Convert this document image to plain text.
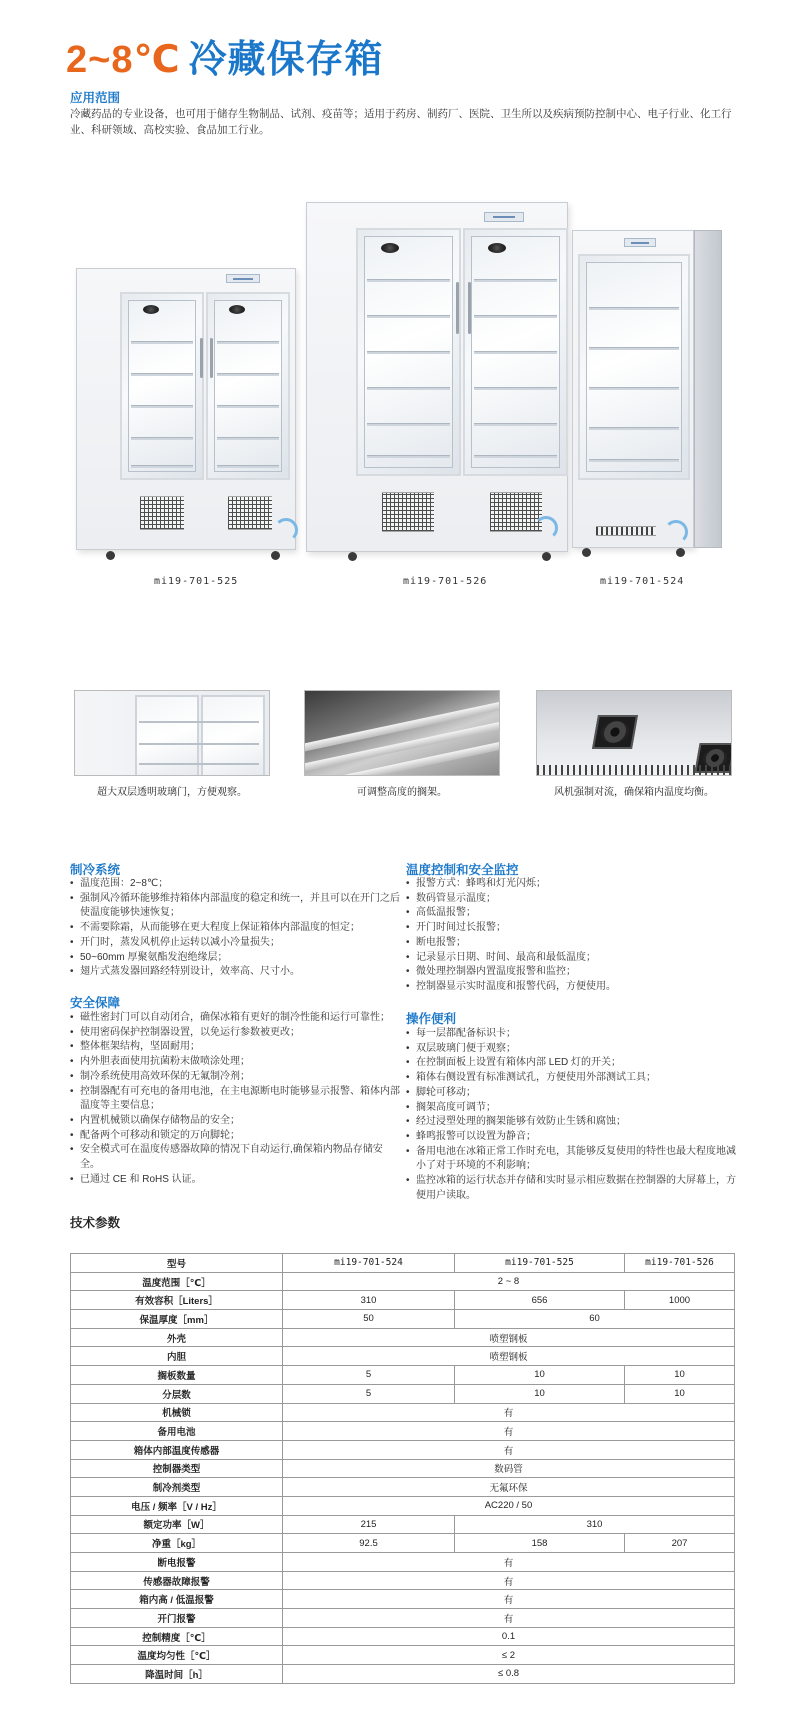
2~8℃ 冷藏保存箱
应用范围
冷藏药品的专业设备，也可用于储存生物制品、试剂、疫苗等；适用于药房、制药厂、医院、卫生所以及疾病预防控制中心、电子行业、化工行业、科研领域、高校实验、食品加工行业。
mi19-701-525	mi19-701-526	mi19-701-524
超大双层透明玻璃门，方便观察。	可调整高度的搁架。	风机强制对流，确保箱内温度均衡。
制冷系统
• 温度范围：2~8℃；
• 强制风冷循环能够维持箱体内部温度的稳定和统一，并且可以在开门之后使温度能够快速恢复；
• 不需要除霜，从而能够在更大程度上保证箱体内部温度的恒定；
• 开门时，蒸发风机停止运转以减小冷量损失；
• 50~60mm 厚聚氨酯发泡绝缘层；
• 翅片式蒸发器回路经特别设计，效率高、尺寸小。
安全保障
• 磁性密封门可以自动闭合，确保冰箱有更好的制冷性能和运行可靠性；
• 使用密码保护控制器设置，以免运行参数被更改；
• 整体框架结构，坚固耐用；
• 内外胆表面使用抗菌粉末做喷涂处理；
• 制冷系统使用高效环保的无氟制冷剂；
• 控制器配有可充电的备用电池，在主电源断电时能够显示报警、箱体内部温度等主要信息；
• 内置机械锁以确保存储物品的安全；
• 配备两个可移动和锁定的万向脚轮；
• 安全模式可在温度传感器故障的情况下自动运行,确保箱内物品存储安全。
• 已通过 CE 和 RoHS 认证。
温度控制和安全监控
• 报警方式：蜂鸣和灯光闪烁；
• 数码管显示温度；
• 高低温报警；
• 开门时间过长报警；
• 断电报警；
• 记录显示日期、时间、最高和最低温度；
• 微处理控制器内置温度报警和监控；
• 控制器显示实时温度和报警代码，方便使用。
操作便利
• 每一层都配备标识卡；
• 双层玻璃门便于观察；
• 在控制面板上设置有箱体内部 LED 灯的开关；
• 箱体右侧设置有标准测试孔，方便使用外部测试工具；
• 脚轮可移动；
• 搁架高度可调节；
• 经过浸塑处理的搁架能够有效防止生锈和腐蚀；
• 蜂鸣报警可以设置为静音；
• 备用电池在冰箱正常工作时充电，其能够反复使用的特性也最大程度地减小了对于环境的不利影响；
• 监控冰箱的运行状态并存储和实时显示相应数据在控制器的大屏幕上，方便用户读取。
技术参数
型号	mi19-701-524	mi19-701-525	mi19-701-526
温度范围［℃］	2 ~ 8		
有效容积［Liters］	310	656	1000
保温厚度［mm］	50	60	
外壳	喷塑钢板		
内胆	喷塑钢板		
搁板数量	5	10	10
分层数	5	10	10
机械锁	有		
备用电池	有		
箱体内部温度传感器	有		
控制器类型	数码管		
制冷剂类型	无氟环保		
电压 / 频率［V / Hz］	AC220 / 50		
额定功率［W］	215	310	
净重［kg］	92.5	158	207
断电报警	有		
传感器故障报警	有		
箱内高 / 低温报警	有		
开门报警	有		
控制精度［℃］	0.1		
温度均匀性［℃］	≤ 2		
降温时间［h］	≤ 0.8		
